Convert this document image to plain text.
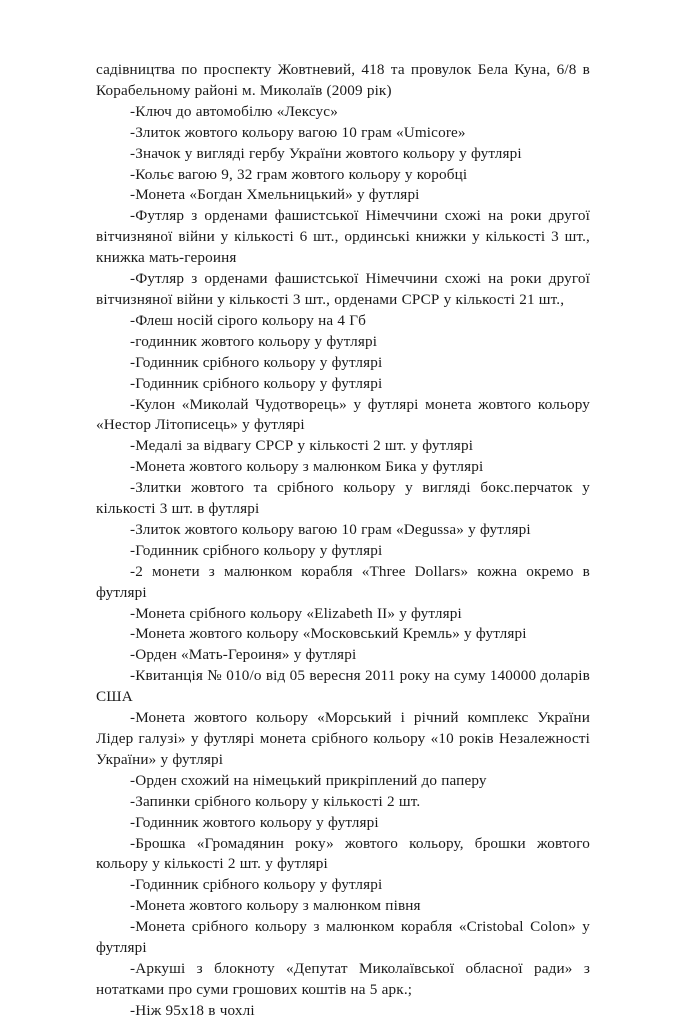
садівництва по проспекту Жовтневий, 418 та провулок Бела Куна, 6/8 в Корабельному районі м. Миколаїв (2009 рік)

-Ключ до автомобілю «Лексус»

-Злиток жовтого кольору вагою 10 грам «Umicore»

-Значок у вигляді гербу України жовтого кольору у футлярі

-Кольє вагою 9, 32 грам жовтого кольору у коробці

-Монета «Богдан Хмельницький» у футлярі

-Футляр з орденами фашистської Німеччини схожі на роки другої вітчизняної війни у кількості 6 шт., ординські книжки у кількості 3 шт., книжка мать-героиня

-Футляр з орденами фашистської Німеччини схожі на роки другої вітчизняної війни у кількості 3 шт., орденами СРСР у кількості 21 шт.,

-Флеш носій сірого кольору на 4 Гб

-годинник жовтого кольору у футлярі

-Годинник срібного кольору у футлярі

-Годинник срібного кольору у футлярі

-Кулон «Миколай Чудотворець» у футлярі монета жовтого кольору «Нестор Літописець» у футлярі

-Медалі за відвагу СРСР у кількості 2 шт. у футлярі

-Монета жовтого кольору з малюнком Бика у футлярі

-Злитки жовтого та срібного кольору у вигляді бокс.перчаток у кількості 3 шт. в футлярі

-Злиток жовтого кольору вагою 10 грам «Degussa» у футлярі

-Годинник срібного кольору у футлярі

-2 монети з малюнком корабля «Three Dollars» кожна окремо в футлярі

-Монета срібного кольору «Elizabeth II» у футлярі

-Монета жовтого кольору «Московський Кремль» у футлярі

-Орден «Мать-Героиня» у футлярі

-Квитанція № 010/о від 05 вересня 2011 року на суму 140000 доларів США

-Монета жовтого кольору «Морський і річний комплекс України Лідер галузі» у футлярі монета срібного кольору «10 років Незалежності України» у футлярі

-Орден схожий на німецький прикріплений до паперу

-Запинки срібного кольору у кількості 2 шт.

-Годинник жовтого кольору у футлярі

-Брошка «Громадянин року» жовтого кольору, брошки жовтого кольору у кількості 2 шт. у футлярі

-Годинник срібного кольору у футлярі

-Монета жовтого кольору з малюнком півня

-Монета срібного кольору з малюнком корабля «Cristobal Colon» у футлярі

-Аркуші з блокноту «Депутат Миколаївської обласної ради» з нотатками про суми грошових коштів на 5 арк.;

-Ніж 95х18 в чохлі
